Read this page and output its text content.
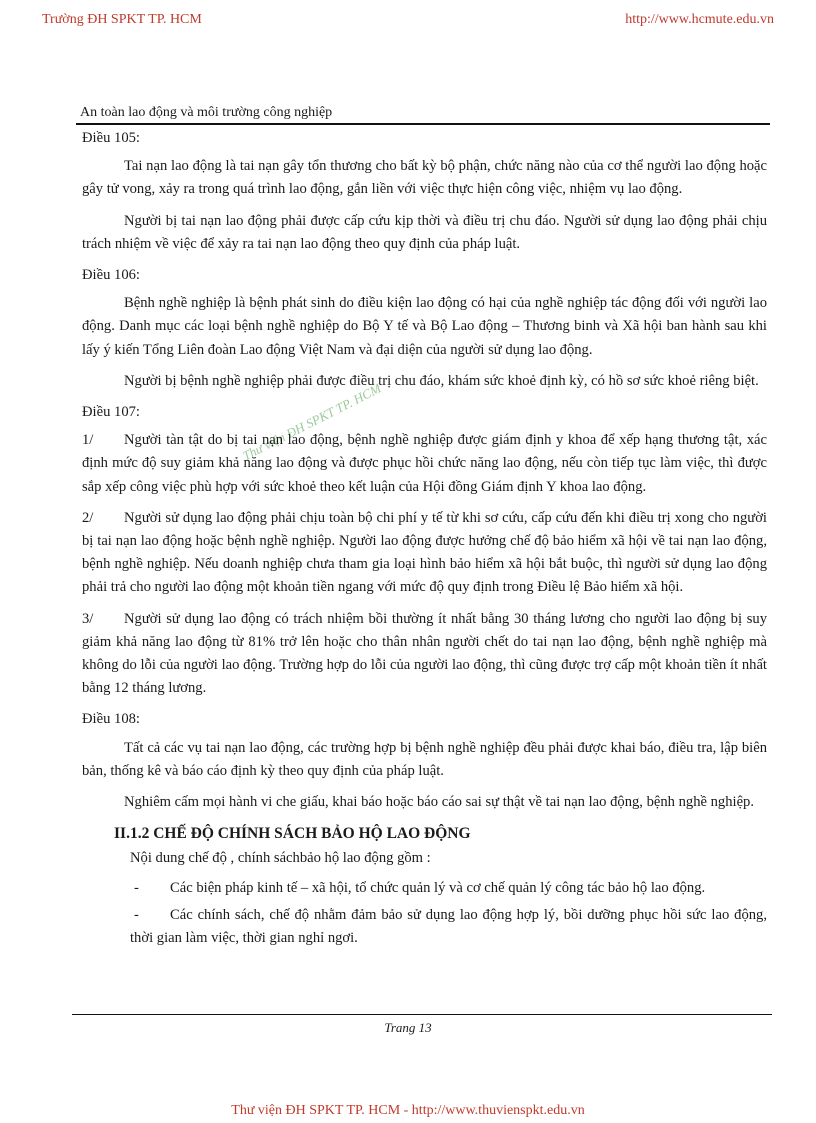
Trường ĐH SPKT TP. HCM	http://www.hcmute.edu.vn
An toàn lao động và môi trường công nghiệp
Thư viện ĐH SPKT TP. HCM
Điều 105:

Tai nạn lao động là tai nạn gây tổn thương cho bất kỳ bộ phận, chức năng nào của cơ thể người lao động hoặc gây tử vong, xảy ra trong quá trình lao động, gắn liền với việc thực hiện công việc, nhiệm vụ lao động.

Người bị tai nạn lao động phải được cấp cứu kịp thời và điều trị chu đáo. Người sử dụng lao động phải chịu trách nhiệm về việc để xảy ra tai nạn lao động theo quy định của pháp luật.

Điều 106:

Bệnh nghề nghiệp là bệnh phát sinh do điều kiện lao động có hại của nghề nghiệp tác động đối với người lao động. Danh mục các loại bệnh nghề nghiệp do Bộ Y tế và Bộ Lao động – Thương binh và Xã hội ban hành sau khi lấy ý kiến Tổng Liên đoàn Lao động Việt Nam và đại diện của người sử dụng lao động.

Người bị bệnh nghề nghiệp phải được điều trị chu đáo, khám sức khoẻ định kỳ, có hồ sơ sức khoẻ riêng biệt.

Điều 107:

1/ Người tàn tật do bị tai nạn lao động, bệnh nghề nghiệp được giám định y khoa để xếp hạng thương tật, xác định mức độ suy giảm khả năng lao động và được phục hồi chức năng lao động, nếu còn tiếp tục làm việc, thì được sắp xếp công việc phù hợp với sức khoẻ theo kết luận của Hội đồng Giám định Y khoa lao động.

2/ Người sử dụng lao động phải chịu toàn bộ chi phí y tế từ khi sơ cứu, cấp cứu đến khi điều trị xong cho người bị tai nạn lao động hoặc bệnh nghề nghiệp. Người lao động được hưởng chế độ bảo hiểm xã hội về tai nạn lao động, bệnh nghề nghiệp. Nếu doanh nghiệp chưa tham gia loại hình bảo hiểm xã hội bắt buộc, thì người sử dụng lao động phải trả cho người lao động một khoản tiền ngang với mức độ quy định trong Điều lệ Bảo hiểm xã hội.

3/ Người sử dụng lao động có trách nhiệm bồi thường ít nhất bằng 30 tháng lương cho người lao động bị suy giảm khả năng lao động từ 81% trở lên hoặc cho thân nhân người chết do tai nạn lao động, bệnh nghề nghiệp mà không do lỗi của người lao động. Trường hợp do lỗi của người lao động, thì cũng được trợ cấp một khoản tiền ít nhất bằng 12 tháng lương.

Điều 108:

Tất cả các vụ tai nạn lao động, các trường hợp bị bệnh nghề nghiệp đều phải được khai báo, điều tra, lập biên bản, thống kê và báo cáo định kỳ theo quy định của pháp luật.

Nghiêm cấm mọi hành vi che giấu, khai báo hoặc báo cáo sai sự thật về tai nạn lao động, bệnh nghề nghiệp.

II.1.2 CHẾ ĐỘ CHÍNH SÁCH BẢO HỘ LAO ĐỘNG
Nội dung chế độ , chính sáchbảo hộ lao động gồm :
- Các biện pháp kinh tế – xã hội, tổ chức quản lý và cơ chế quản lý công tác bảo hộ lao động.
- Các chính sách, chế độ nhằm đảm bảo sử dụng lao động hợp lý, bồi dưỡng phục hồi sức lao động, thời gian làm việc, thời gian nghỉ ngơi.
Trang 13
Thư viện ĐH SPKT TP. HCM - http://www.thuvienspkt.edu.vn
